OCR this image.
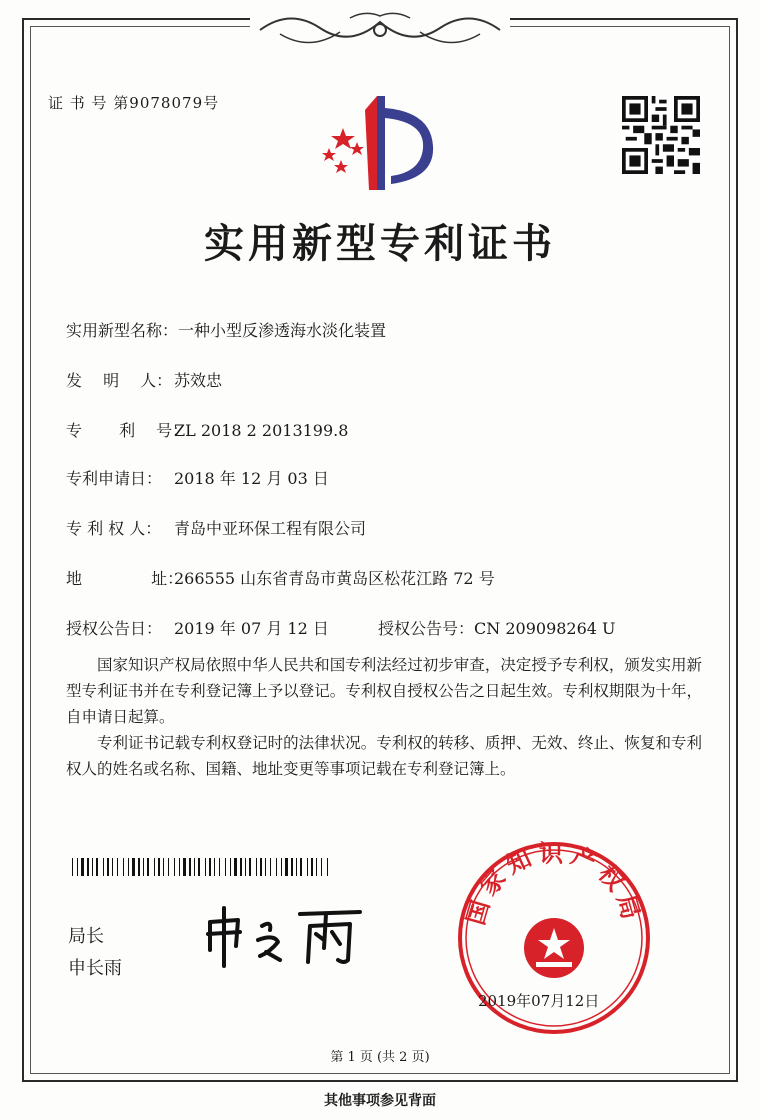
证 书 号 第9078079号
实用新型专利证书
实用新型名称：一种小型反渗透海水淡化装置
发　 明　 人： 苏效忠
专　　 利　 号：ZL 2018 2 2013199.8
专利申请日： 2018 年 12 月 03 日
专 利 权 人： 青岛中亚环保工程有限公司
地　　　　 址：266555 山东省青岛市黄岛区松花江路 72 号
授权公告日： 2019 年 07 月 12 日	授权公告号：CN 209098264 U
国家知识产权局依照中华人民共和国专利法经过初步审查，决定授予专利权，颁发实用新型专利证书并在专利登记簿上予以登记。专利权自授权公告之日起生效。专利权期限为十年，自申请日起算。
专利证书记载专利权登记时的法律状况。专利权的转移、质押、无效、终止、恢复和专利权人的姓名或名称、国籍、地址变更等事项记载在专利登记簿上。
局长
申长雨
国家知识产权局
2019年07月12日
第 1 页 (共 2 页)
其他事项参见背面
